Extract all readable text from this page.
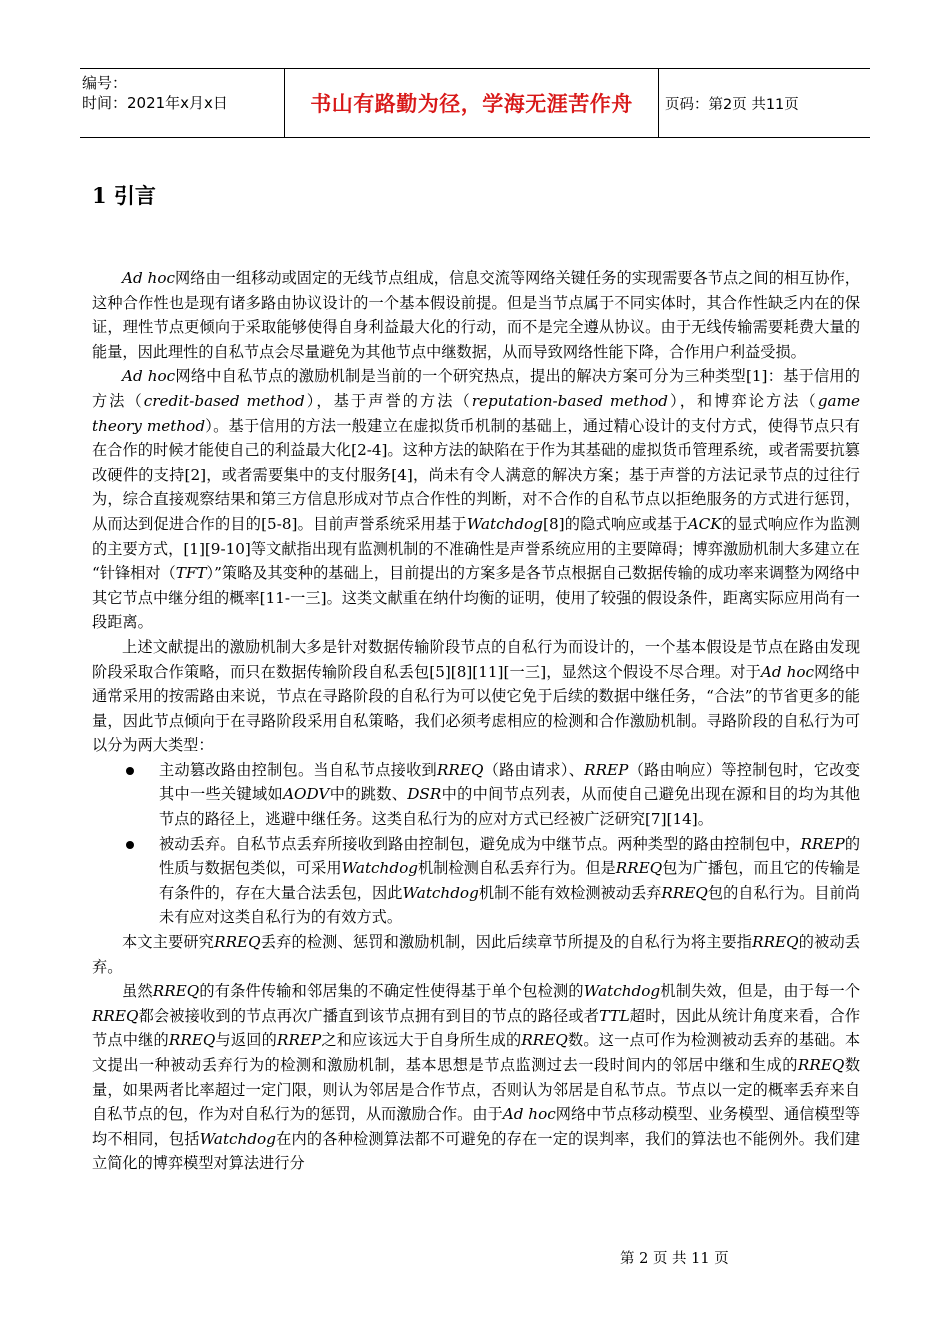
编号：
时间：2021年x月x日	书山有路勤为径，学海无涯苦作舟	页码：第2页 共11页
1 引言

Ad hoc网络由一组移动或固定的无线节点组成，信息交流等网络关键任务的实现需要各节点之间的相互协作，这种合作性也是现有诸多路由协议设计的一个基本假设前提。但是当节点属于不同实体时，其合作性缺乏内在的保证，理性节点更倾向于采取能够使得自身利益最大化的行动，而不是完全遵从协议。由于无线传输需要耗费大量的能量，因此理性的自私节点会尽量避免为其他节点中继数据，从而导致网络性能下降，合作用户利益受损。

Ad hoc网络中自私节点的激励机制是当前的一个研究热点，提出的解决方案可分为三种类型[1]：基于信用的方法（credit-based method），基于声誉的方法（reputation-based method），和博弈论方法（game theory method）。基于信用的方法一般建立在虚拟货币机制的基础上，通过精心设计的支付方式，使得节点只有在合作的时候才能使自己的利益最大化[2-4]。这种方法的缺陷在于作为其基础的虚拟货币管理系统，或者需要抗篡改硬件的支持[2]，或者需要集中的支付服务[4]，尚未有令人满意的解决方案；基于声誉的方法记录节点的过往行为，综合直接观察结果和第三方信息形成对节点合作性的判断，对不合作的自私节点以拒绝服务的方式进行惩罚，从而达到促进合作的目的[5-8]。目前声誉系统采用基于Watchdog[8]的隐式响应或基于ACK的显式响应作为监测的主要方式，[1][9-10]等文献指出现有监测机制的不准确性是声誉系统应用的主要障碍；博弈激励机制大多建立在 “针锋相对（TFT）”策略及其变种的基础上，目前提出的方案多是各节点根据自己数据传输的成功率来调整为网络中其它节点中继分组的概率[11-一三]。这类文献重在纳什均衡的证明，使用了较强的假设条件，距离实际应用尚有一段距离。

上述文献提出的激励机制大多是针对数据传输阶段节点的自私行为而设计的，一个基本假设是节点在路由发现阶段采取合作策略，而只在数据传输阶段自私丢包[5][8][11][一三]，显然这个假设不尽合理。对于Ad hoc网络中通常采用的按需路由来说，节点在寻路阶段的自私行为可以使它免于后续的数据中继任务，“合法”的节省更多的能量，因此节点倾向于在寻路阶段采用自私策略，我们必须考虑相应的检测和合作激励机制。寻路阶段的自私行为可以分为两大类型：

主动篡改路由控制包。当自私节点接收到RREQ（路由请求）、RREP（路由响应）等控制包时，它改变其中一些关键域如AODV中的跳数、DSR中的中间节点列表，从而使自己避免出现在源和目的均为其他节点的路径上，逃避中继任务。这类自私行为的应对方式已经被广泛研究[7][14]。
被动丢弃。自私节点丢弃所接收到路由控制包，避免成为中继节点。两种类型的路由控制包中，RREP的性质与数据包类似，可采用Watchdog机制检测自私丢弃行为。但是RREQ包为广播包，而且它的传输是有条件的，存在大量合法丢包，因此Watchdog机制不能有效检测被动丢弃RREQ包的自私行为。目前尚未有应对这类自私行为的有效方式。

本文主要研究RREQ丢弃的检测、惩罚和激励机制，因此后续章节所提及的自私行为将主要指RREQ的被动丢弃。

虽然RREQ的有条件传输和邻居集的不确定性使得基于单个包检测的Watchdog机制失效，但是，由于每一个RREQ都会被接收到的节点再次广播直到该节点拥有到目的节点的路径或者TTL超时，因此从统计角度来看，合作节点中继的RREQ与返回的RREP之和应该远大于自身所生成的RREQ数。这一点可作为检测被动丢弃的基础。本文提出一种被动丢弃行为的检测和激励机制，基本思想是节点监测过去一段时间内的邻居中继和生成的RREQ数量，如果两者比率超过一定门限，则认为邻居是合作节点，否则认为邻居是自私节点。节点以一定的概率丢弃来自自私节点的包，作为对自私行为的惩罚，从而激励合作。由于Ad hoc网络中节点移动模型、业务模型、通信模型等均不相同，包括Watchdog在内的各种检测算法都不可避免的存在一定的误判率，我们的算法也不能例外。我们建立简化的博弈模型对算法进行分

第 2 页 共 11 页
